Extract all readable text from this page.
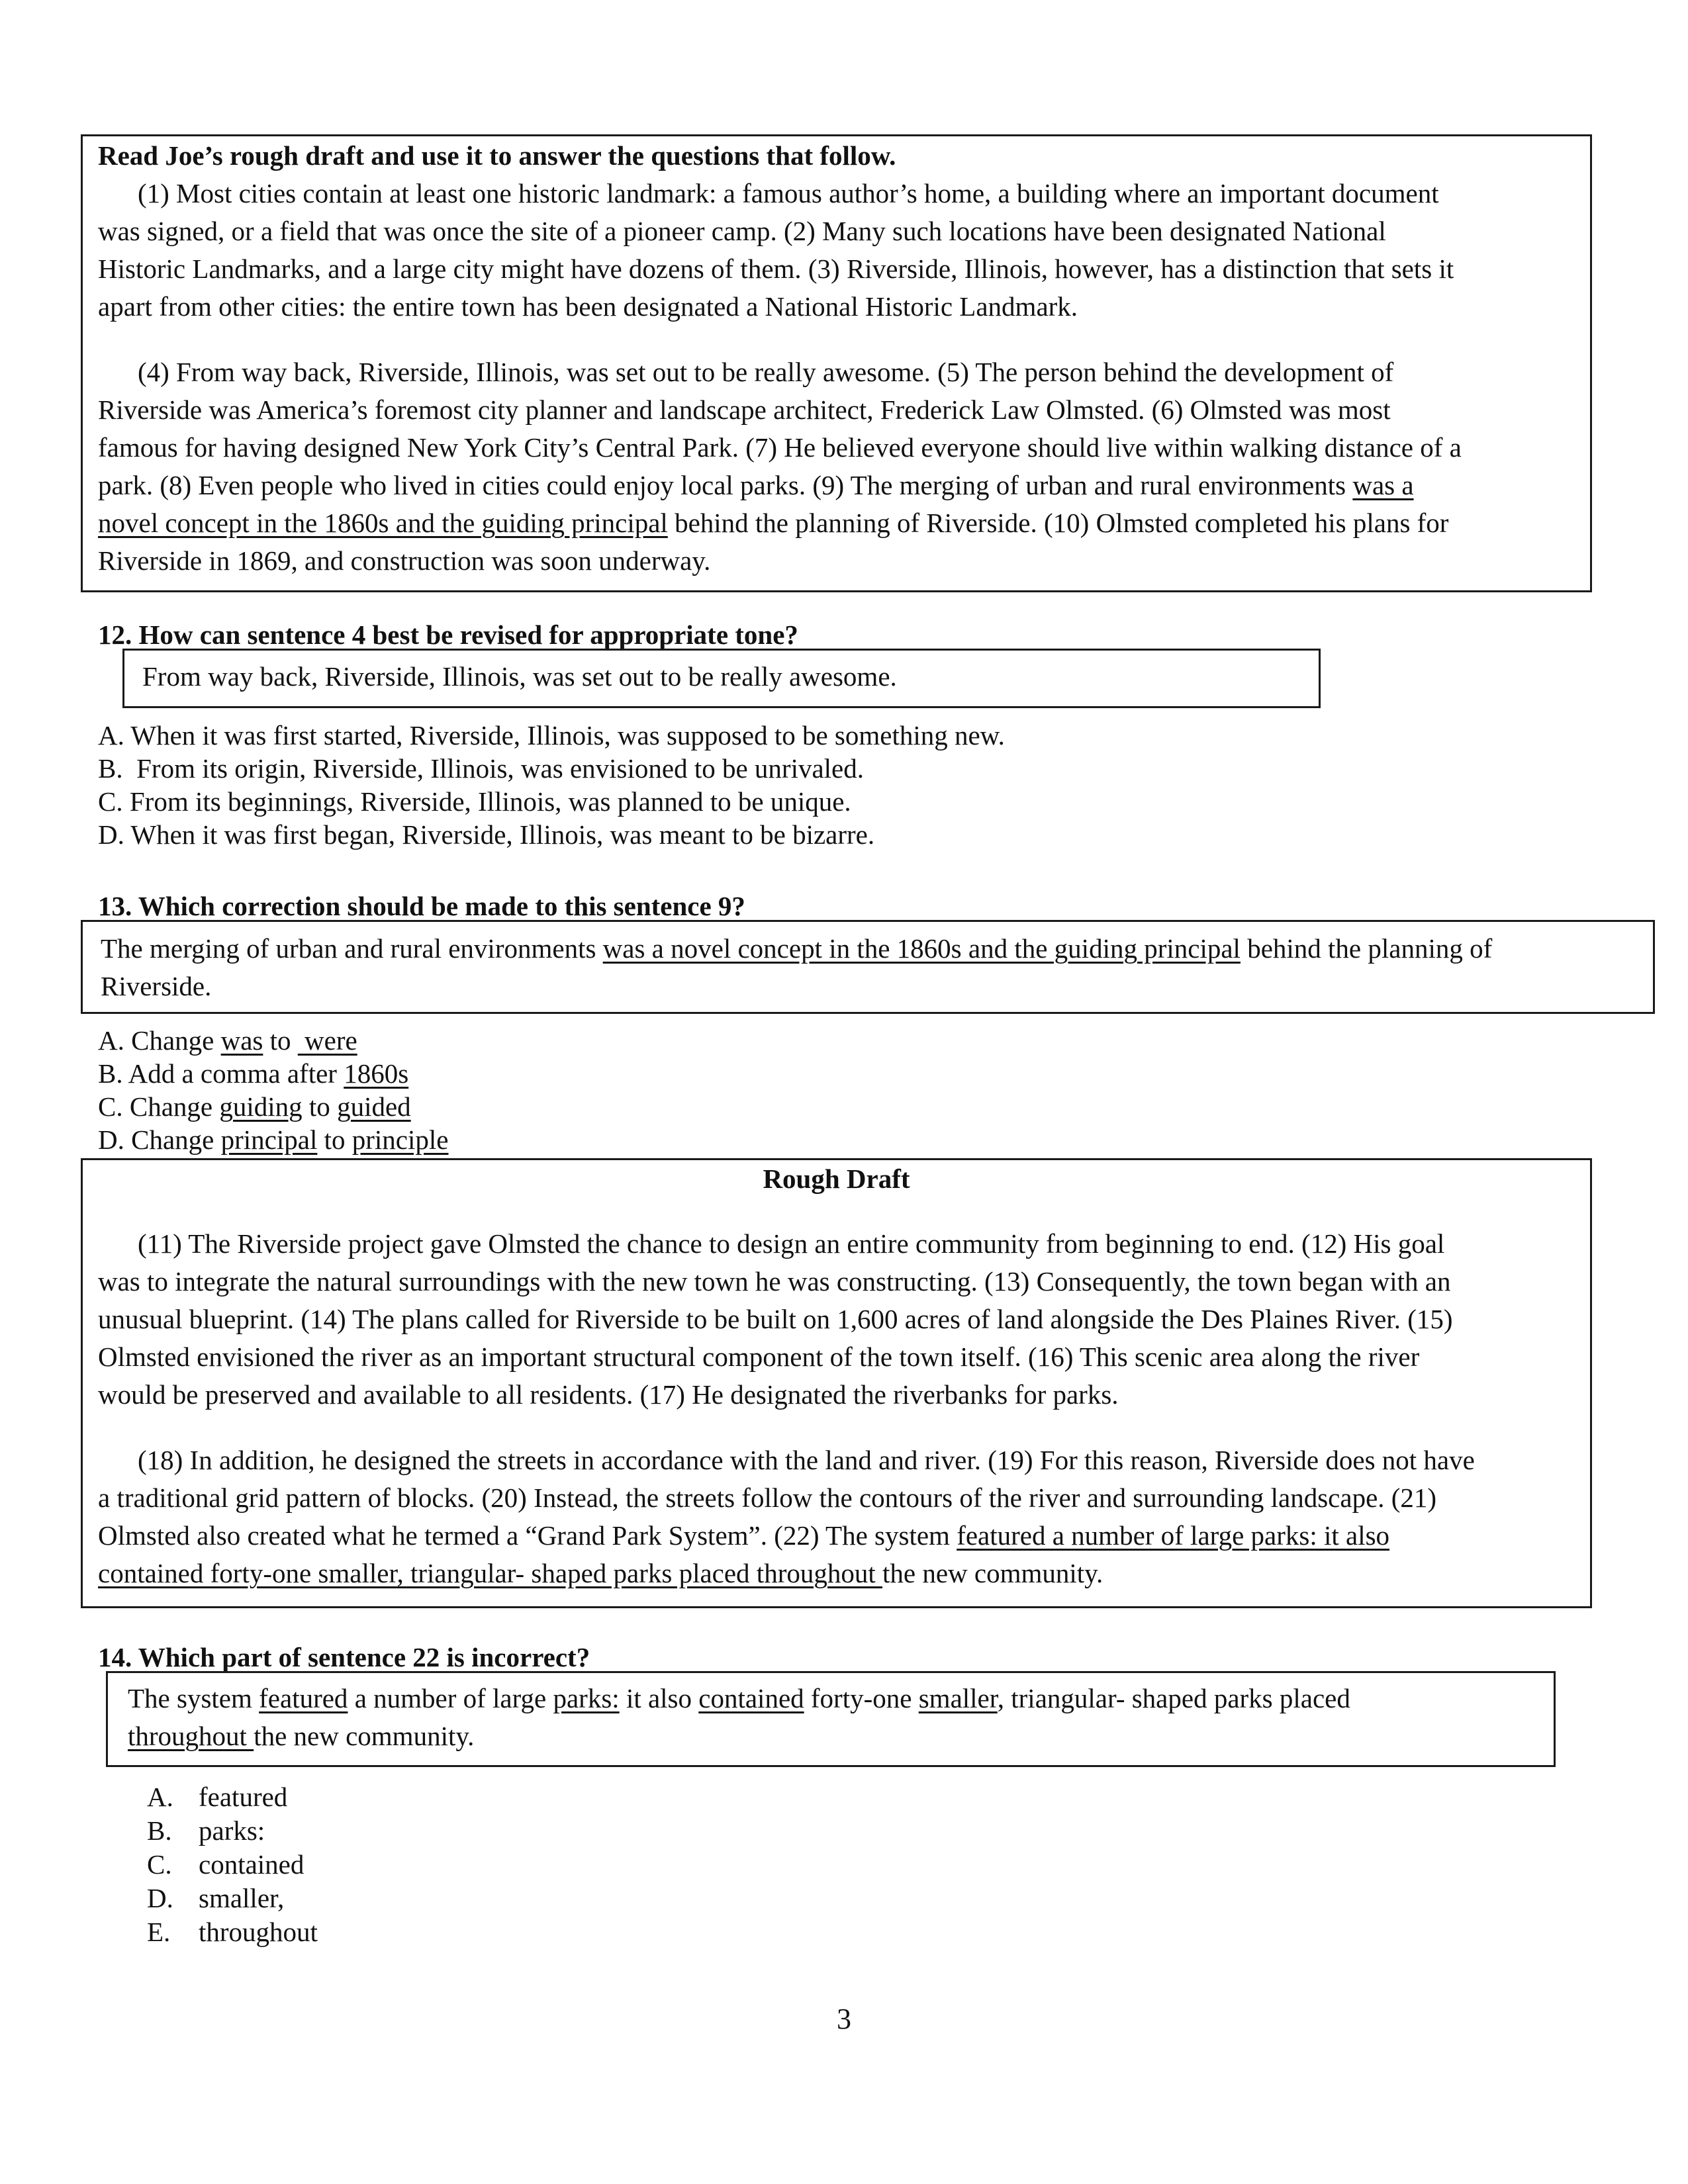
Read Joe’s rough draft and use it to answer the questions that follow.
(1) Most cities contain at least one historic landmark: a famous author’s home, a building where an important document
was signed, or a field that was once the site of a pioneer camp. (2) Many such locations have been designated National
Historic Landmarks, and a large city might have dozens of them. (3) Riverside, Illinois, however, has a distinction that sets it
apart from other cities: the entire town has been designated a National Historic Landmark.
(4) From way back, Riverside, Illinois, was set out to be really awesome. (5) The person behind the development of
Riverside was America’s foremost city planner and landscape architect, Frederick Law Olmsted. (6) Olmsted was most
famous for having designed New York City’s Central Park. (7) He believed everyone should live within walking distance of a
park. (8) Even people who lived in cities could enjoy local parks. (9) The merging of urban and rural environments was a
novel concept in the 1860s and the guiding principal behind the planning of Riverside. (10) Olmsted completed his plans for
Riverside in 1869, and construction was soon underway.
12. How can sentence 4 best be revised for appropriate tone?
From way back, Riverside, Illinois, was set out to be really awesome.
A. When it was first started, Riverside, Illinois, was supposed to be something new.
B.  From its origin, Riverside, Illinois, was envisioned to be unrivaled.
C. From its beginnings, Riverside, Illinois, was planned to be unique.
D. When it was first began, Riverside, Illinois, was meant to be bizarre.
13. Which correction should be made to this sentence 9?
The merging of urban and rural environments was a novel concept in the 1860s and the guiding principal behind the planning of
Riverside.
A. Change was to  were
B. Add a comma after 1860s
C. Change guiding to guided
D. Change principal to principle
Rough Draft
(11) The Riverside project gave Olmsted the chance to design an entire community from beginning to end. (12) His goal
was to integrate the natural surroundings with the new town he was constructing. (13) Consequently, the town began with an
unusual blueprint. (14) The plans called for Riverside to be built on 1,600 acres of land alongside the Des Plaines River. (15)
Olmsted envisioned the river as an important structural component of the town itself. (16) This scenic area along the river
would be preserved and available to all residents. (17) He designated the riverbanks for parks.
(18) In addition, he designed the streets in accordance with the land and river. (19) For this reason, Riverside does not have
a traditional grid pattern of blocks. (20) Instead, the streets follow the contours of the river and surrounding landscape. (21)
Olmsted also created what he termed a “Grand Park System”. (22) The system featured a number of large parks: it also
contained forty-one smaller, triangular- shaped parks placed throughout the new community.
14. Which part of sentence 22 is incorrect?
The system featured a number of large parks: it also contained forty-one smaller, triangular- shaped parks placed
throughout the new community.
A. featured
B. parks:
C. contained
D. smaller,
E. throughout
3
